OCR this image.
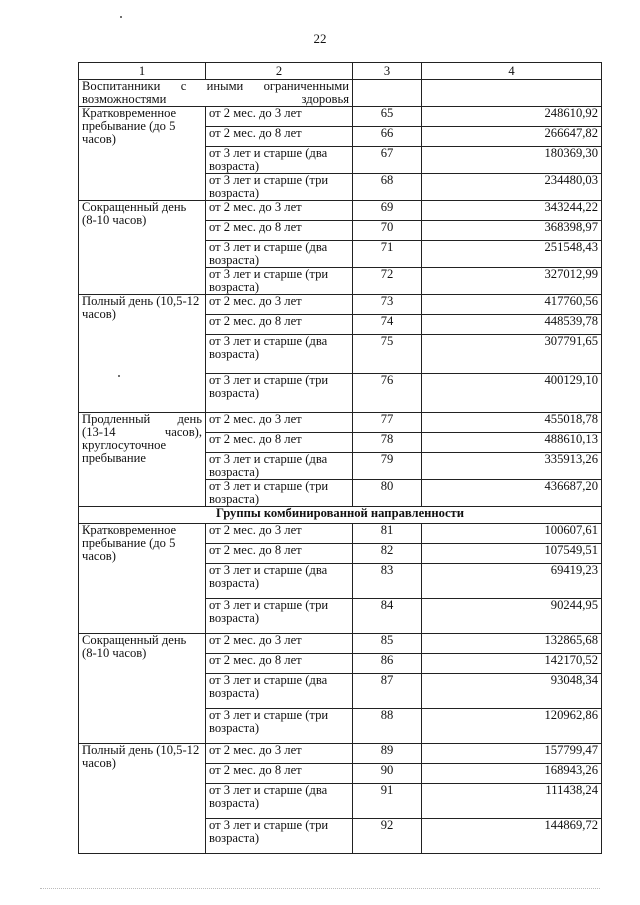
22
1	2	3	4

Воспитанники с иными ограниченными возможностями здоровья			

Кратковременное пребывание (до 5 часов)	от 2 мес. до 3 лет	65	248610,92
	от 2 мес. до 8 лет	66	266647,82
	от 3 лет и старше (два возраста)	67	180369,30
	от 3 лет и старше (три возраста)	68	234480,03
Сокращенный день (8-10 часов)	от 2 мес. до 3 лет	69	343244,22
	от 2 мес. до 8 лет	70	368398,97
	от 3 лет и старше (два возраста)	71	251548,43
	от 3 лет и старше (три возраста)	72	327012,99
Полный день (10,5-12 часов)	от 2 мес. до 3 лет	73	417760,56
	от 2 мес. до 8 лет	74	448539,78
	от 3 лет и старше (два возраста)	75	307791,65
	от 3 лет и старше (три возраста)	76	400129,10
Продленный день (13-14 часов), круглосуточное пребывание	от 2 мес. до 3 лет	77	455018,78
	от 2 мес. до 8 лет	78	488610,13
	от 3 лет и старше (два возраста)	79	335913,26
	от 3 лет и старше (три возраста)	80	436687,20
Группы комбинированной направленности			
Кратковременное пребывание (до 5 часов)	от 2 мес. до 3 лет	81	100607,61
	от 2 мес. до 8 лет	82	107549,51
	от 3 лет и старше (два возраста)	83	69419,23
	от 3 лет и старше (три возраста)	84	90244,95
Сокращенный день (8-10 часов)	от 2 мес. до 3 лет	85	132865,68
	от 2 мес. до 8 лет	86	142170,52
	от 3 лет и старше (два возраста)	87	93048,34
	от 3 лет и старше (три возраста)	88	120962,86
Полный день (10,5-12 часов)	от 2 мес. до 3 лет	89	157799,47
	от 2 мес. до 8 лет	90	168943,26
	от 3 лет и старше (два возраста)	91	111438,24
	от 3 лет и старше (три возраста)	92	144869,72
